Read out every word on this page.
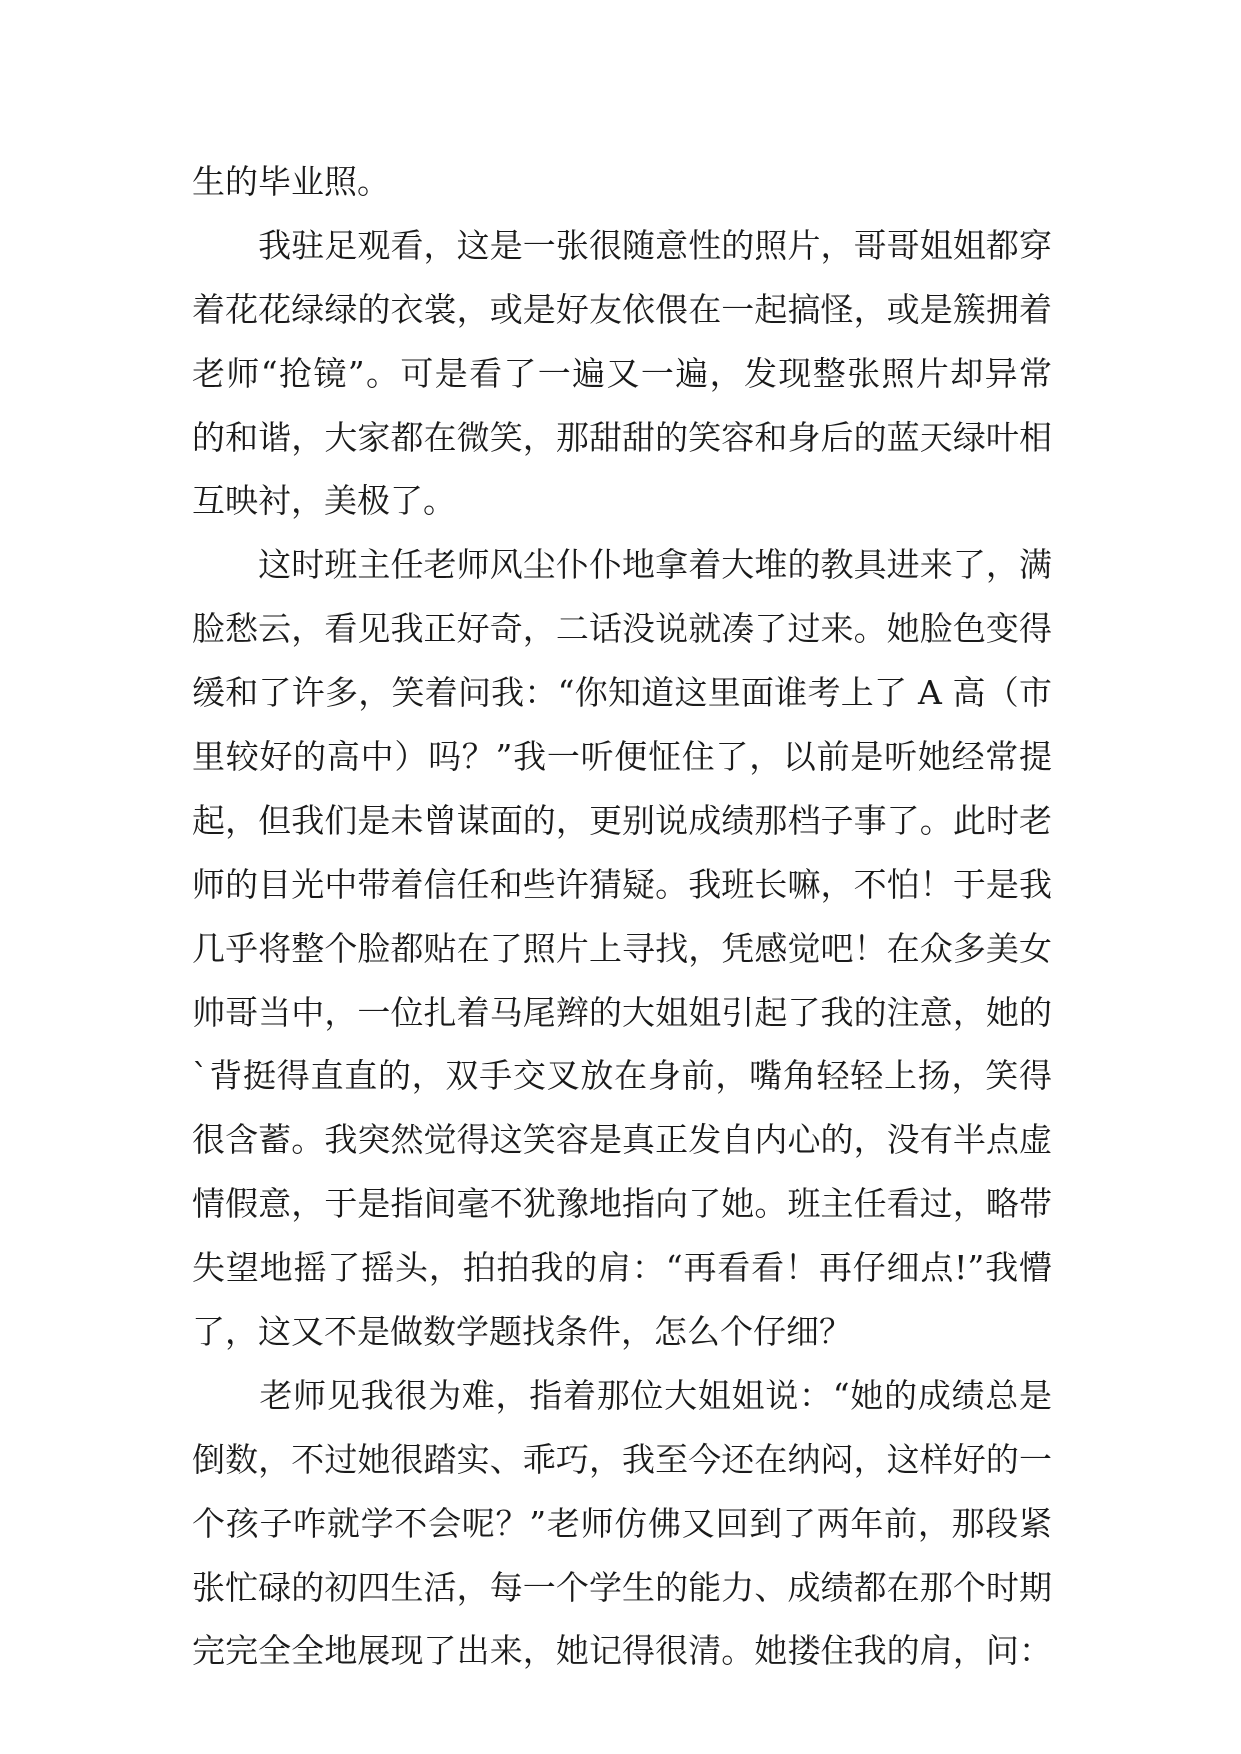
生的毕业照。
　　我驻足观看，这是一张很随意性的照片，哥哥姐姐都穿
着花花绿绿的衣裳，或是好友依偎在一起搞怪，或是簇拥着
老师“抢镜”。可是看了一遍又一遍，发现整张照片却异常
的和谐，大家都在微笑，那甜甜的笑容和身后的蓝天绿叶相
互映衬，美极了。
　　这时班主任老师风尘仆仆地拿着大堆的教具进来了，满
脸愁云，看见我正好奇，二话没说就凑了过来。她脸色变得
缓和了许多，笑着问我：“你知道这里面谁考上了 A 高（市
里较好的高中）吗？”我一听便怔住了，以前是听她经常提
起，但我们是未曾谋面的，更别说成绩那档子事了。此时老
师的目光中带着信任和些许猜疑。我班长嘛，不怕！于是我
几乎将整个脸都贴在了照片上寻找，凭感觉吧！在众多美女
帅哥当中，一位扎着马尾辫的大姐姐引起了我的注意，她的
`背挺得直直的，双手交叉放在身前，嘴角轻轻上扬，笑得
很含蓄。我突然觉得这笑容是真正发自内心的，没有半点虚
情假意，于是指间毫不犹豫地指向了她。班主任看过，略带
失望地摇了摇头，拍拍我的肩：“再看看！再仔细点!”我懵
了，这又不是做数学题找条件，怎么个仔细？
　　老师见我很为难，指着那位大姐姐说：“她的成绩总是
倒数，不过她很踏实、乖巧，我至今还在纳闷，这样好的一
个孩子咋就学不会呢？”老师仿佛又回到了两年前，那段紧
张忙碌的初四生活，每一个学生的能力、成绩都在那个时期
完完全全地展现了出来，她记得很清。她搂住我的肩，问：
